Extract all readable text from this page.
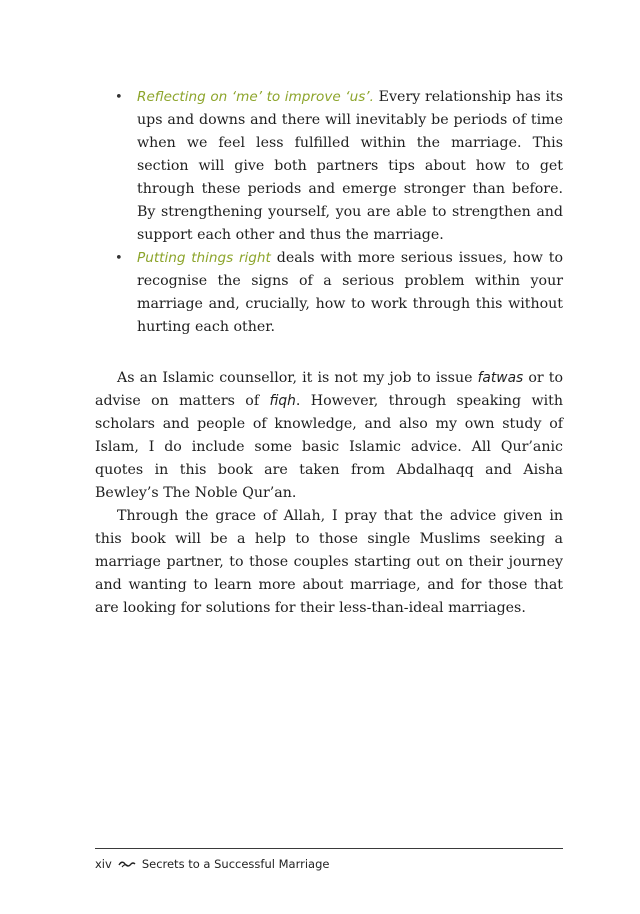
• Reflecting on ‘me’ to improve ‘us’. Every relationship has its ups and downs and there will inevitably be periods of time when we feel less fulfilled within the marriage. This section will give both partners tips about how to get through these periods and emerge stronger than before. By strengthening yourself, you are able to strengthen and support each other and thus the marriage.
• Putting things right deals with more serious issues, how to recognise the signs of a serious problem within your marriage and, crucially, how to work through this without hurting each other.

As an Islamic counsellor, it is not my job to issue fatwas or to advise on matters of fiqh. However, through speaking with scholars and people of knowledge, and also my own study of Islam, I do include some basic Islamic advice. All Qur’anic quotes in this book are taken from Abdalhaqq and Aisha Bewley’s The Noble Qur’an.

Through the grace of Allah, I pray that the advice given in this book will be a help to those single Muslims seeking a marriage partner, to those couples starting out on their journey and wanting to learn more about marriage, and for those that are looking for solutions for their less-than-ideal marriages.

xiv	Secrets to a Successful Marriage
